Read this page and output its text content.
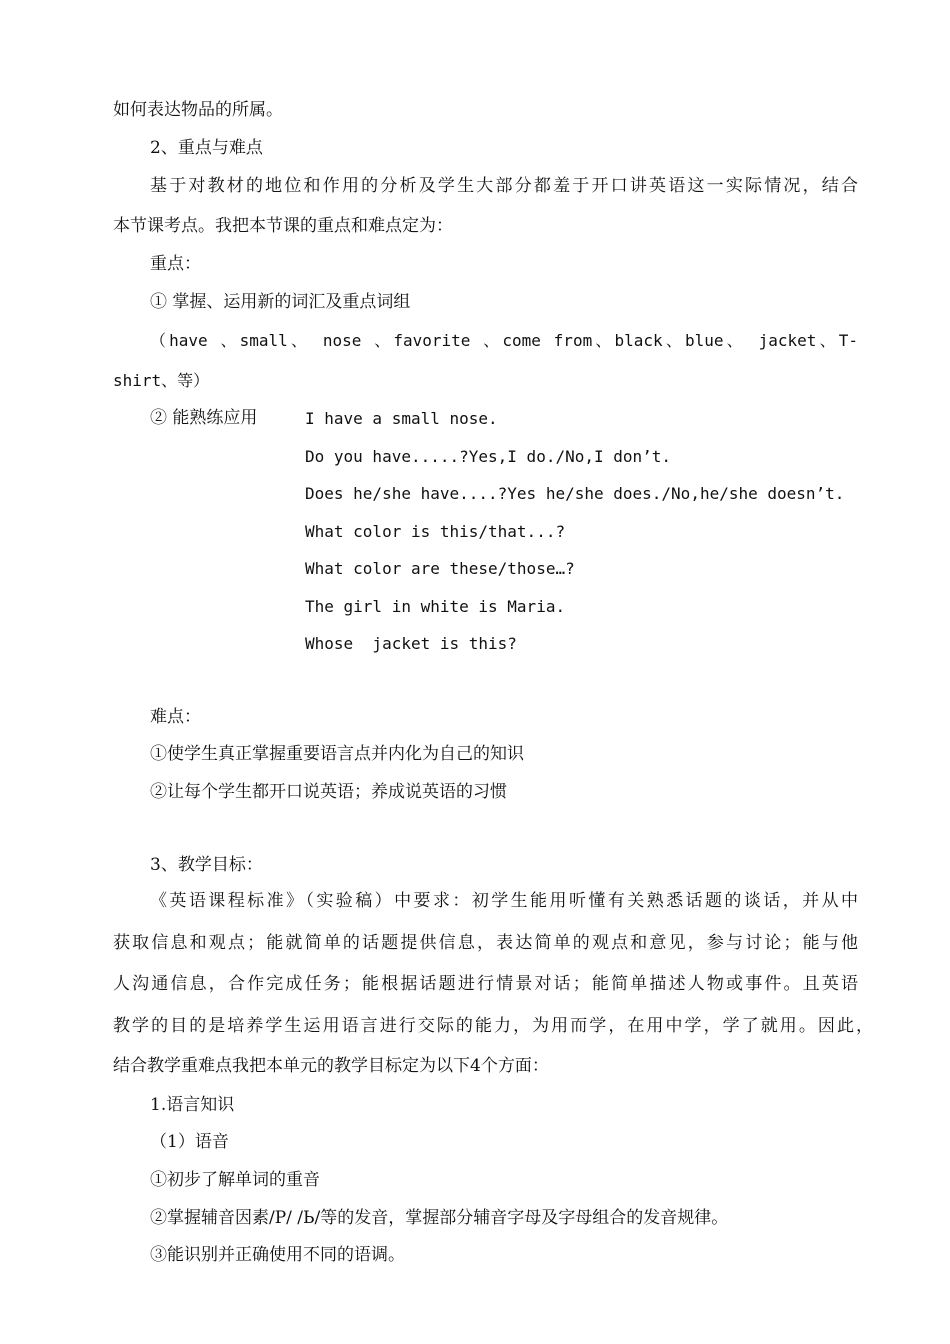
如何表达物品的所属。
2、重点与难点
基于对教材的地位和作用的分析及学生大部分都羞于开口讲英语这一实际情况，结合
本节课考点。我把本节课的重点和难点定为：
重点：
① 掌握、运用新的词汇及重点词组
（have 、small、 nose 、favorite 、come from、black、blue、 jacket、T-
shirt、等）
② 能熟练应用	I have a small nose.
Do you have.....?Yes,I do./No,I don’t.
Does he/she have....?Yes he/she does./No,he/she doesn’t.
What color is this/that...?
What color are these/those…?
The girl in white is Maria.
Whose  jacket is this?
难点：
①使学生真正掌握重要语言点并内化为自己的知识
②让每个学生都开口说英语；养成说英语的习惯
3、教学目标：
《英语课程标准》（实验稿）中要求：初学生能用听懂有关熟悉话题的谈话，并从中
获取信息和观点；能就简单的话题提供信息，表达简单的观点和意见，参与讨论；能与他
人沟通信息，合作完成任务；能根据话题进行情景对话；能简单描述人物或事件。且英语
教学的目的是培养学生运用语言进行交际的能力，为用而学，在用中学，学了就用。因此，
结合教学重难点我把本单元的教学目标定为以下4个方面：
1.语言知识
（1）语音
①初步了解单词的重音
②掌握辅音因素/P/ /Ь/等的发音，掌握部分辅音字母及字母组合的发音规律。
③能识别并正确使用不同的语调。
